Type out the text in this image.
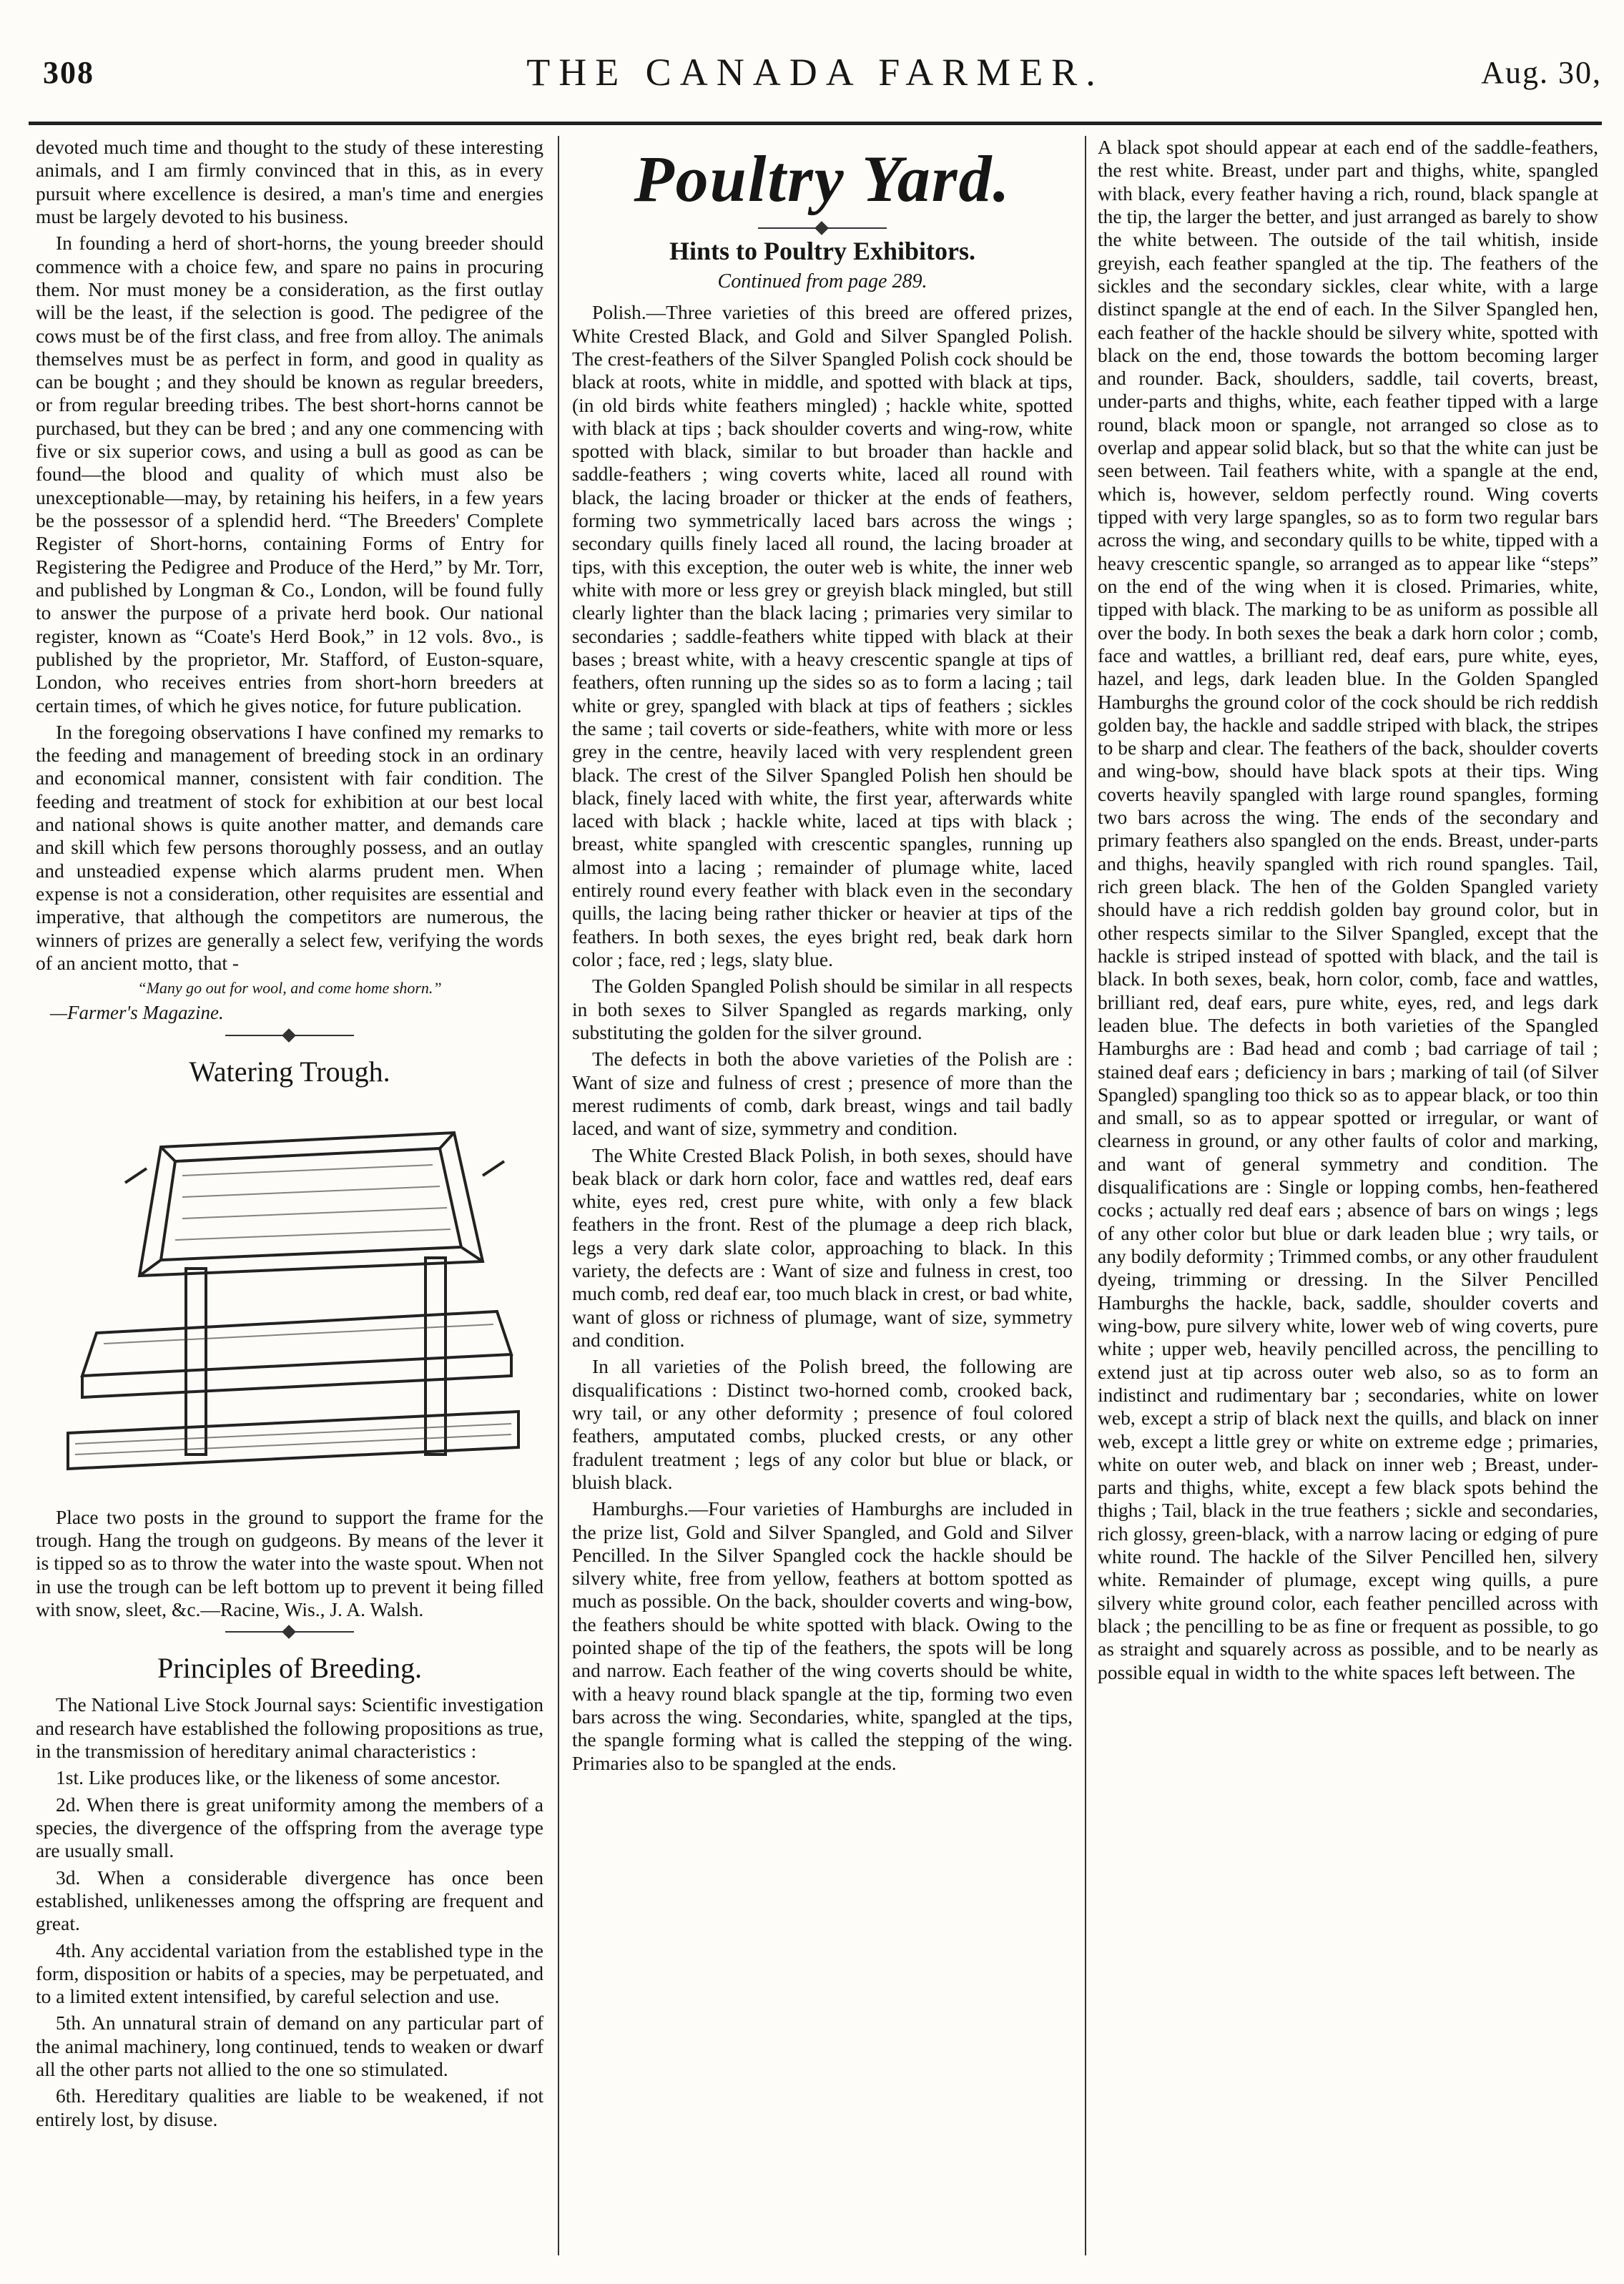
308	THE CANADA FARMER.	Aug. 30,

devoted much time and thought to the study of these interesting animals, and I am firmly convinced that in this, as in every pursuit where excellence is desired, a man's time and energies must be largely devoted to his business.

In founding a herd of short-horns, the young breeder should commence with a choice few, and spare no pains in procuring them. Nor must money be a consideration, as the first outlay will be the least, if the selection is good. The pedigree of the cows must be of the first class, and free from alloy. The animals themselves must be as perfect in form, and good in quality as can be bought ; and they should be known as regular breeders, or from regular breeding tribes. The best short-horns cannot be purchased, but they can be bred ; and any one commencing with five or six superior cows, and using a bull as good as can be found—the blood and quality of which must also be unexceptionable—may, by retaining his heifers, in a few years be the possessor of a splendid herd. “The Breeders' Complete Register of Short-horns, containing Forms of Entry for Registering the Pedigree and Produce of the Herd,” by Mr. Torr, and published by Longman & Co., London, will be found fully to answer the purpose of a private herd book. Our national register, known as “Coate's Herd Book,” in 12 vols. 8vo., is published by the proprietor, Mr. Stafford, of Euston-square, London, who receives entries from short-horn breeders at certain times, of which he gives notice, for future publication.

In the foregoing observations I have confined my remarks to the feeding and management of breeding stock in an ordinary and economical manner, consistent with fair condition. The feeding and treatment of stock for exhibition at our best local and national shows is quite another matter, and demands care and skill which few persons thoroughly possess, and an outlay and unsteadied expense which alarms prudent men. When expense is not a consideration, other requisites are essential and imperative, that although the competitors are numerous, the winners of prizes are generally a select few, verifying the words of an ancient motto, that -

“Many go out for wool, and come home shorn.”
—Farmer's Magazine.
Watering Trough.

Place two posts in the ground to support the frame for the trough. Hang the trough on gudgeons. By means of the lever it is tipped so as to throw the water into the waste spout. When not in use the trough can be left bottom up to prevent it being filled with snow, sleet, &c.—Racine, Wis., J. A. Walsh.

Principles of Breeding.

The National Live Stock Journal says: Scientific investigation and research have established the following propositions as true, in the transmission of hereditary animal characteristics :

1st. Like produces like, or the likeness of some ancestor.

2d. When there is great uniformity among the members of a species, the divergence of the offspring from the average type are usually small.

3d. When a considerable divergence has once been established, unlikenesses among the offspring are frequent and great.

4th. Any accidental variation from the established type in the form, disposition or habits of a species, may be perpetuated, and to a limited extent intensified, by careful selection and use.

5th. An unnatural strain of demand on any particular part of the animal machinery, long continued, tends to weaken or dwarf all the other parts not allied to the one so stimulated.

6th. Hereditary qualities are liable to be weakened, if not entirely lost, by disuse.

Poultry Yard.
Hints to Poultry Exhibitors.
Continued from page 289.

Polish.—Three varieties of this breed are offered prizes, White Crested Black, and Gold and Silver Spangled Polish. The crest-feathers of the Silver Spangled Polish cock should be black at roots, white in middle, and spotted with black at tips, (in old birds white feathers mingled) ; hackle white, spotted with black at tips ; back shoulder coverts and wing-row, white spotted with black, similar to but broader than hackle and saddle-feathers ; wing coverts white, laced all round with black, the lacing broader or thicker at the ends of feathers, forming two symmetrically laced bars across the wings ; secondary quills finely laced all round, the lacing broader at tips, with this exception, the outer web is white, the inner web white with more or less grey or greyish black mingled, but still clearly lighter than the black lacing ; primaries very similar to secondaries ; saddle-feathers white tipped with black at their bases ; breast white, with a heavy crescentic spangle at tips of feathers, often running up the sides so as to form a lacing ; tail white or grey, spangled with black at tips of feathers ; sickles the same ; tail coverts or side-feathers, white with more or less grey in the centre, heavily laced with very resplendent green black. The crest of the Silver Spangled Polish hen should be black, finely laced with white, the first year, afterwards white laced with black ; hackle white, laced at tips with black ; breast, white spangled with crescentic spangles, running up almost into a lacing ; remainder of plumage white, laced entirely round every feather with black even in the secondary quills, the lacing being rather thicker or heavier at tips of the feathers. In both sexes, the eyes bright red, beak dark horn color ; face, red ; legs, slaty blue.

The Golden Spangled Polish should be similar in all respects in both sexes to Silver Spangled as regards marking, only substituting the golden for the silver ground.

The defects in both the above varieties of the Polish are : Want of size and fulness of crest ; presence of more than the merest rudiments of comb, dark breast, wings and tail badly laced, and want of size, symmetry and condition.

The White Crested Black Polish, in both sexes, should have beak black or dark horn color, face and wattles red, deaf ears white, eyes red, crest pure white, with only a few black feathers in the front. Rest of the plumage a deep rich black, legs a very dark slate color, approaching to black. In this variety, the defects are : Want of size and fulness in crest, too much comb, red deaf ear, too much black in crest, or bad white, want of gloss or richness of plumage, want of size, symmetry and condition.

In all varieties of the Polish breed, the following are disqualifications : Distinct two-horned comb, crooked back, wry tail, or any other deformity ; presence of foul colored feathers, amputated combs, plucked crests, or any other fradulent treatment ; legs of any color but blue or black, or bluish black.

Hamburghs.—Four varieties of Hamburghs are included in the prize list, Gold and Silver Spangled, and Gold and Silver Pencilled. In the Silver Spangled cock the hackle should be silvery white, free from yellow, feathers at bottom spotted as much as possible. On the back, shoulder coverts and wing-bow, the feathers should be white spotted with black. Owing to the pointed shape of the tip of the feathers, the spots will be long and narrow. Each feather of the wing coverts should be white, with a heavy round black spangle at the tip, forming two even bars across the wing. Secondaries, white, spangled at the tips, the spangle forming what is called the stepping of the wing. Primaries also to be spangled at the ends.

A black spot should appear at each end of the saddle-feathers, the rest white. Breast, under part and thighs, white, spangled with black, every feather having a rich, round, black spangle at the tip, the larger the better, and just arranged as barely to show the white between. The outside of the tail whitish, inside greyish, each feather spangled at the tip. The feathers of the sickles and the secondary sickles, clear white, with a large distinct spangle at the end of each. In the Silver Spangled hen, each feather of the hackle should be silvery white, spotted with black on the end, those towards the bottom becoming larger and rounder. Back, shoulders, saddle, tail coverts, breast, under-parts and thighs, white, each feather tipped with a large round, black moon or spangle, not arranged so close as to overlap and appear solid black, but so that the white can just be seen between. Tail feathers white, with a spangle at the end, which is, however, seldom perfectly round. Wing coverts tipped with very large spangles, so as to form two regular bars across the wing, and secondary quills to be white, tipped with a heavy crescentic spangle, so arranged as to appear like “steps” on the end of the wing when it is closed. Primaries, white, tipped with black. The marking to be as uniform as possible all over the body. In both sexes the beak a dark horn color ; comb, face and wattles, a brilliant red, deaf ears, pure white, eyes, hazel, and legs, dark leaden blue. In the Golden Spangled Hamburghs the ground color of the cock should be rich reddish golden bay, the hackle and saddle striped with black, the stripes to be sharp and clear. The feathers of the back, shoulder coverts and wing-bow, should have black spots at their tips. Wing coverts heavily spangled with large round spangles, forming two bars across the wing. The ends of the secondary and primary feathers also spangled on the ends. Breast, under-parts and thighs, heavily spangled with rich round spangles. Tail, rich green black. The hen of the Golden Spangled variety should have a rich reddish golden bay ground color, but in other respects similar to the Silver Spangled, except that the hackle is striped instead of spotted with black, and the tail is black. In both sexes, beak, horn color, comb, face and wattles, brilliant red, deaf ears, pure white, eyes, red, and legs dark leaden blue. The defects in both varieties of the Spangled Hamburghs are : Bad head and comb ; bad carriage of tail ; stained deaf ears ; deficiency in bars ; marking of tail (of Silver Spangled) spangling too thick so as to appear black, or too thin and small, so as to appear spotted or irregular, or want of clearness in ground, or any other faults of color and marking, and want of general symmetry and condition. The disqualifications are : Single or lopping combs, hen-feathered cocks ; actually red deaf ears ; absence of bars on wings ; legs of any other color but blue or dark leaden blue ; wry tails, or any bodily deformity ; Trimmed combs, or any other fraudulent dyeing, trimming or dressing. In the Silver Pencilled Hamburghs the hackle, back, saddle, shoulder coverts and wing-bow, pure silvery white, lower web of wing coverts, pure white ; upper web, heavily pencilled across, the pencilling to extend just at tip across outer web also, so as to form an indistinct and rudimentary bar ; secondaries, white on lower web, except a strip of black next the quills, and black on inner web, except a little grey or white on extreme edge ; primaries, white on outer web, and black on inner web ; Breast, under-parts and thighs, white, except a few black spots behind the thighs ; Tail, black in the true feathers ; sickle and secondaries, rich glossy, green-black, with a narrow lacing or edging of pure white round. The hackle of the Silver Pencilled hen, silvery white. Remainder of plumage, except wing quills, a pure silvery white ground color, each feather pencilled across with black ; the pencilling to be as fine or frequent as possible, to go as straight and squarely across as possible, and to be nearly as possible equal in width to the white spaces left between. The
